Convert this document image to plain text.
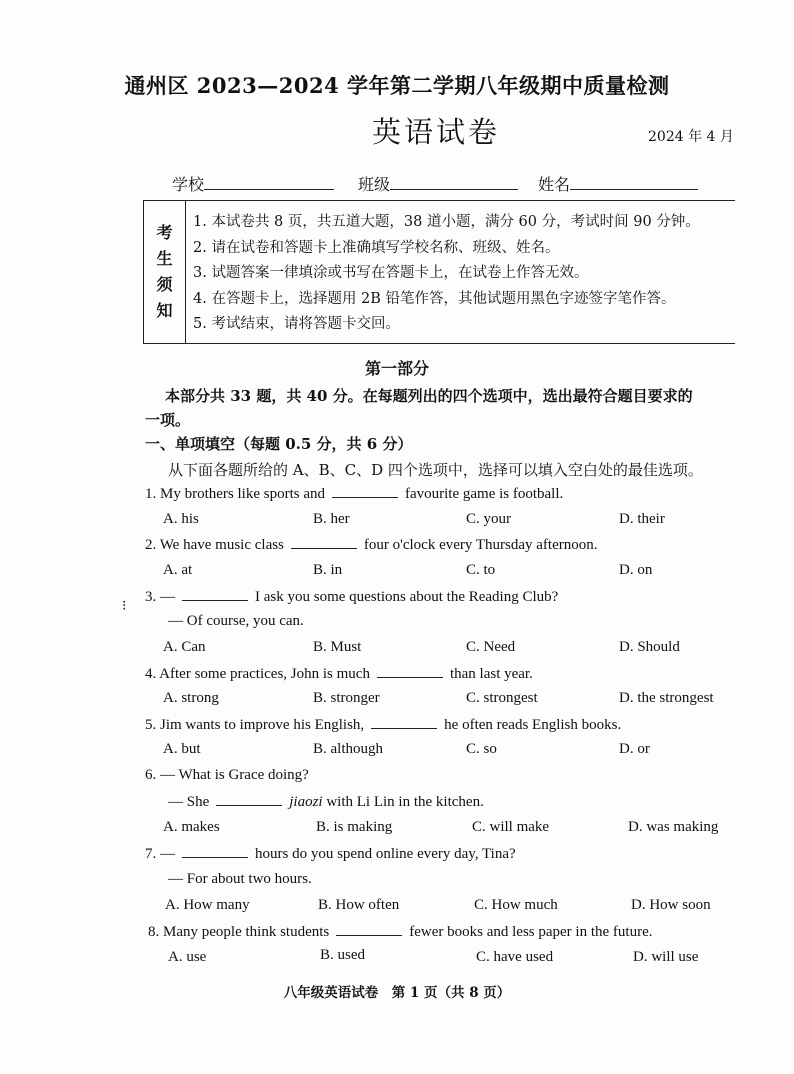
通州区 2023—2024 学年第二学期八年级期中质量检测
英语试卷	2024 年 4 月
学校	班级	姓名
考
生
须
知
1. 本试卷共 8 页，共五道大题，38 道小题，满分 60 分，考试时间 90 分钟。
2. 请在试卷和答题卡上准确填写学校名称、班级、姓名。
3. 试题答案一律填涂或书写在答题卡上，在试卷上作答无效。
4. 在答题卡上，选择题用 2B 铅笔作答，其他试题用黑色字迹签字笔作答。
5. 考试结束，请将答题卡交回。
第一部分
本部分共 33 题，共 40 分。在每题列出的四个选项中，选出最符合题目要求的
一项。
一、单项填空（每题 0.5 分，共 6 分）
从下面各题所给的 A、B、C、D 四个选项中，选择可以填入空白处的最佳选项。
1. My brothers like sports and	favourite game is football.
A. his	B. her	C. your	D. their
2. We have music class	four o'clock every Thursday afternoon.
A. at	B. in	C. to	D. on
⁝
3. —	I ask you some questions about the Reading Club?
— Of course, you can.
A. Can	B. Must	C. Need	D. Should
4. After some practices, John is much	than last year.
A. strong	B. stronger	C. strongest	D. the strongest
5. Jim wants to improve his English,	he often reads English books.
A. but	B. although	C. so	D. or
6. — What is Grace doing?
— She	jiaozi with Li Lin in the kitchen.
A. makes	B. is making	C. will make	D. was making
7. —	hours do you spend online every day, Tina?
— For about two hours.
A. How many	B. How often	C. How much	D. How soon
8. Many people think students	fewer books and less paper in the future.
A. use	B. used	C. have used	D. will use
八年级英语试卷　第 1 页（共 8 页）
